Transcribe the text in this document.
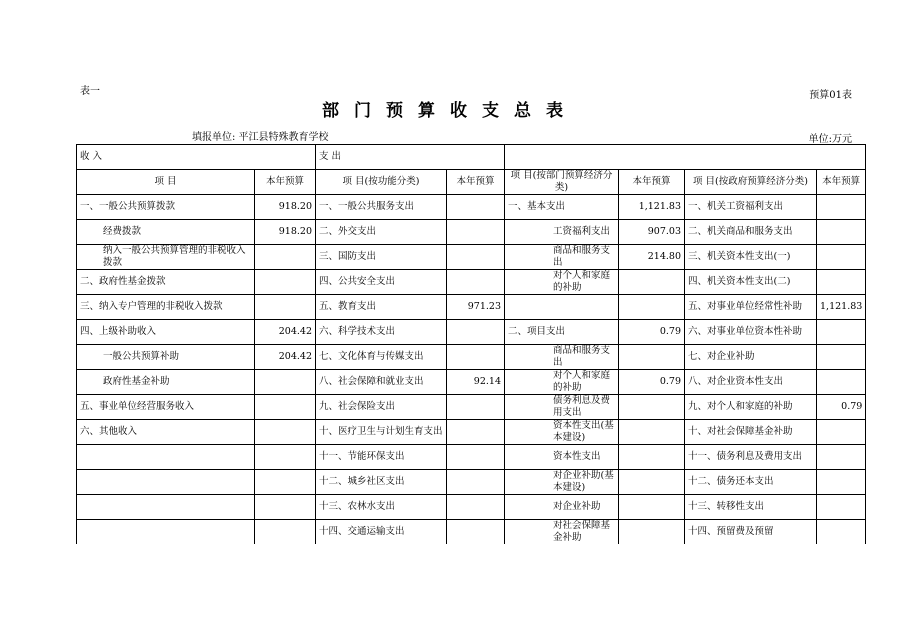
表一	预算01表
部门预算收支总表
填报单位: 平江县特殊教育学校	单位:万元
收 入		支 出					
项 目	本年预算	项 目(按功能分类)	本年预算	项 目(按部门预算经济分类)	本年预算	项 目(按政府预算经济分类)	本年预算
一、一般公共预算拨款	918.20	一、一般公共服务支出		一、基本支出	1,121.83	一、机关工资福利支出	
经费拨款	918.20	二、外交支出		工资福利支出	907.03	二、机关商品和服务支出	
纳入一般公共预算管理的非税收入拨款		三、国防支出		商品和服务支出	214.80	三、机关资本性支出(一)	
二、政府性基金拨款		四、公共安全支出		对个人和家庭的补助		四、机关资本性支出(二)	
三、纳入专户管理的非税收入拨款		五、教育支出	971.23			五、对事业单位经常性补助	1,121.83
四、上级补助收入	204.42	六、科学技术支出		二、项目支出	0.79	六、对事业单位资本性补助	
一般公共预算补助	204.42	七、文化体育与传媒支出		商品和服务支出		七、对企业补助	
政府性基金补助		八、社会保障和就业支出	92.14	对个人和家庭的补助	0.79	八、对企业资本性支出	
五、事业单位经营服务收入		九、社会保险支出		债务利息及费用支出		九、对个人和家庭的补助	0.79
六、其他收入		十、医疗卫生与计划生育支出		资本性支出(基本建设)		十、对社会保障基金补助	
		十一、节能环保支出		资本性支出		十一、债务利息及费用支出	
		十二、城乡社区支出		对企业补助(基本建设)		十二、债务还本支出	
		十三、农林水支出		对企业补助		十三、转移性支出	
		十四、交通运输支出		对社会保障基金补助		十四、预留费及预留	
